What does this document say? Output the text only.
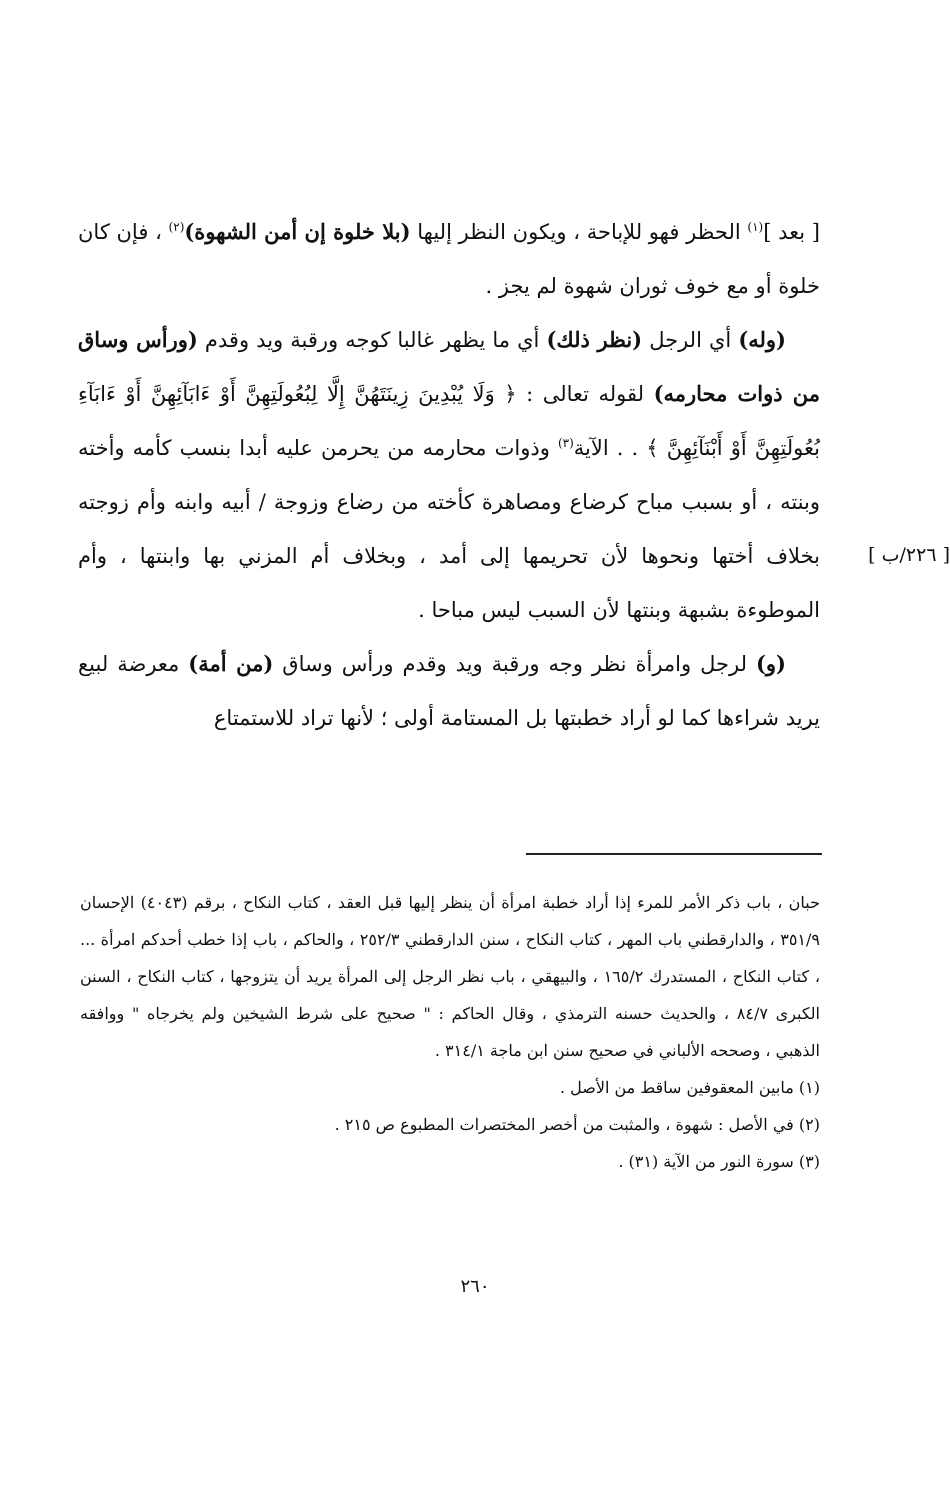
[ بعد ]$^{(١)}$ الحظر فهو للإباحة ، ويكون النظر إليها (بلا خلوة إن أمن الشهوة)$^{(٢)}$ ، فإن كان خلوة أو مع خوف ثوران شهوة لم يجز .

(وله) أي الرجل (نظر ذلك) أي ما يظهر غالبا كوجه ورقبة ويد وقدم (ورأس وساق من ذوات محارمه) لقوله تعالى : ﴿ وَلَا يُبْدِينَ زِينَتَهُنَّ إِلَّا لِبُعُولَتِهِنَّ أَوْ ءَابَآئِهِنَّ أَوْ ءَابَآءِ بُعُولَتِهِنَّ أَوْ أَبْنَآئِهِنَّ ﴾ . . الآية$^{(٣)}$ وذوات محارمه من يحرمن عليه أبدا بنسب كأمه وأخته وبنته ، أو بسبب مباح كرضاع ومصاهرة كأخته من رضاع وزوجة / أبيه وابنه وأم زوجته بخلاف أختها ونحوها لأن تحريمها إلى أمد ، وبخلاف أم المزني بها وابنتها ، وأم الموطوءة بشبهة وبنتها لأن السبب ليس مباحا .

(و) لرجل وامرأة نظر وجه ورقبة ويد وقدم ورأس وساق (من أمة) معرضة لبيع يريد شراءها كما لو أراد خطبتها بل المستامة أولى ؛ لأنها تراد للاستمتاع

[ ٢٢٦/ب ]

حبان ، باب ذكر الأمر للمرء إذا أراد خطبة امرأة أن ينظر إليها قبل العقد ، كتاب النكاح ، برقم (٤٠٤٣) الإحسان ٣٥١/٩ ، والدارقطني باب المهر ، كتاب النكاح ، سنن الدارقطني ٢٥٢/٣ ، والحاكم ، باب إذا خطب أحدكم امرأة ... ، كتاب النكاح ، المستدرك ١٦٥/٢ ، والبيهقي ، باب نظر الرجل إلى المرأة يريد أن يتزوجها ، كتاب النكاح ، السنن الكبرى ٨٤/٧ ، والحديث حسنه الترمذي ، وقال الحاكم : " صحيح على شرط الشيخين ولم يخرجاه " ووافقه الذهبي ، وصححه الألباني في صحيح سنن ابن ماجة ٣١٤/١ .

(١) مابين المعقوفين ساقط من الأصل .

(٢) في الأصل : شهوة ، والمثبت من أخصر المختصرات المطبوع ص ٢١٥ .

(٣) سورة النور من الآية (٣١) .

٢٦٠
